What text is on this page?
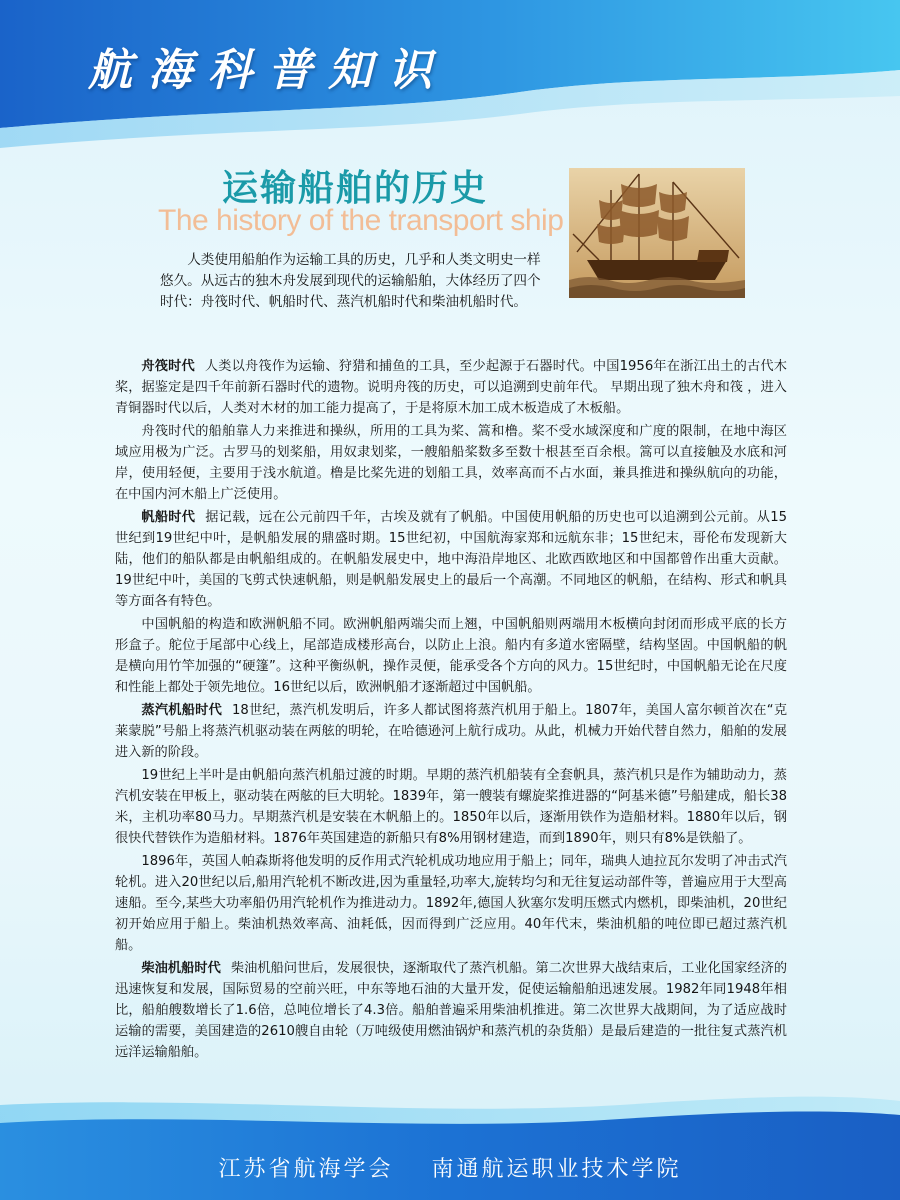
航海科普知识
运输船舶的历史
The history of the transport ship

人类使用船舶作为运输工具的历史，几乎和人类文明史一样悠久。从远古的独木舟发展到现代的运输船舶，大体经历了四个时代：舟筏时代、帆船时代、蒸汽机船时代和柴油机船时代。

舟筏时代 人类以舟筏作为运输、狩猎和捕鱼的工具，至少起源于石器时代。中国1956年在浙江出土的古代木桨，据鉴定是四千年前新石器时代的遗物。说明舟筏的历史，可以追溯到史前年代。 早期出现了独木舟和筏 ，进入青铜器时代以后，人类对木材的加工能力提高了，于是将原木加工成木板造成了木板船。

舟筏时代的船舶靠人力来推进和操纵，所用的工具为桨、篙和橹。桨不受水域深度和广度的限制，在地中海区域应用极为广泛。古罗马的划桨船，用奴隶划桨，一艘船船桨数多至数十根甚至百余根。篙可以直接触及水底和河岸，使用轻便，主要用于浅水航道。橹是比桨先进的划船工具，效率高而不占水面，兼具推进和操纵航向的功能，在中国内河木船上广泛使用。

帆船时代 据记载，远在公元前四千年，古埃及就有了帆船。中国使用帆船的历史也可以追溯到公元前。从15世纪到19世纪中叶，是帆船发展的鼎盛时期。15世纪初，中国航海家郑和远航东非；15世纪末，哥伦布发现新大陆，他们的船队都是由帆船组成的。在帆船发展史中，地中海沿岸地区、北欧西欧地区和中国都曾作出重大贡献。19世纪中叶，美国的飞剪式快速帆船，则是帆船发展史上的最后一个高潮。不同地区的帆船，在结构、形式和帆具等方面各有特色。

中国帆船的构造和欧洲帆船不同。欧洲帆船两端尖而上翘，中国帆船则两端用木板横向封闭而形成平底的长方形盒子。舵位于尾部中心线上，尾部造成楼形高台，以防止上浪。船内有多道水密隔壁，结构坚固。中国帆船的帆是横向用竹竿加强的“硬篷”。这种平衡纵帆，操作灵便，能承受各个方向的风力。15世纪时，中国帆船无论在尺度和性能上都处于领先地位。16世纪以后，欧洲帆船才逐渐超过中国帆船。

蒸汽机船时代 18世纪，蒸汽机发明后，许多人都试图将蒸汽机用于船上。1807年，美国人富尔顿首次在“克莱蒙脱”号船上将蒸汽机驱动装在两舷的明轮，在哈德逊河上航行成功。从此，机械力开始代替自然力，船舶的发展进入新的阶段。

19世纪上半叶是由帆船向蒸汽机船过渡的时期。早期的蒸汽机船装有全套帆具，蒸汽机只是作为辅助动力，蒸汽机安装在甲板上，驱动装在两舷的巨大明轮。1839年，第一艘装有螺旋桨推进器的“阿基米德”号船建成，船长38米，主机功率80马力。早期蒸汽机是安装在木帆船上的。1850年以后，逐渐用铁作为造船材料。1880年以后，钢很快代替铁作为造船材料。1876年英国建造的新船只有8%用钢材建造，而到1890年，则只有8%是铁船了。

1896年，英国人帕森斯将他发明的反作用式汽轮机成功地应用于船上；同年，瑞典人迪拉瓦尔发明了冲击式汽轮机。进入20世纪以后,船用汽轮机不断改进,因为重量轻,功率大,旋转均匀和无往复运动部件等，普遍应用于大型高速船。至今,某些大功率船仍用汽轮机作为推进动力。1892年,德国人狄塞尔发明压燃式内燃机，即柴油机，20世纪初开始应用于船上。柴油机热效率高、油耗低，因而得到广泛应用。40年代末，柴油机船的吨位即已超过蒸汽机船。

柴油机船时代 柴油机船问世后，发展很快，逐渐取代了蒸汽机船。第二次世界大战结束后，工业化国家经济的迅速恢复和发展，国际贸易的空前兴旺，中东等地石油的大量开发，促使运输船舶迅速发展。1982年同1948年相比，船舶艘数增长了1.6倍，总吨位增长了4.3倍。船舶普遍采用柴油机推进。第二次世界大战期间，为了适应战时运输的需要，美国建造的2610艘自由轮（万吨级使用燃油锅炉和蒸汽机的杂货船）是最后建造的一批往复式蒸汽机远洋运输船舶。

江苏省航海学会 南通航运职业技术学院
